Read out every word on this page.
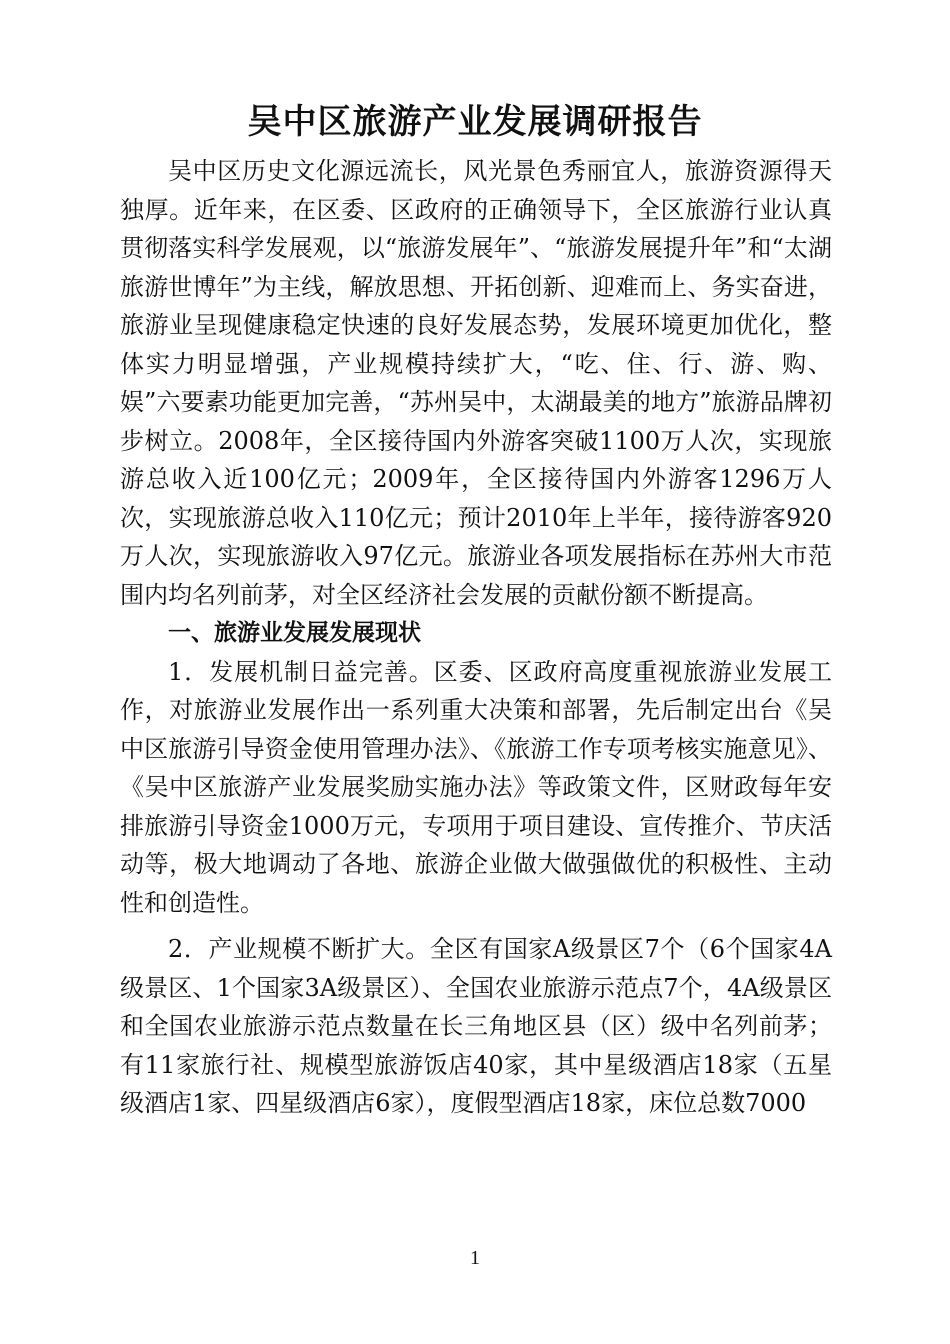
吴中区旅游产业发展调研报告

吴中区历史文化源远流长，风光景色秀丽宜人，旅游资源得天独厚。近年来，在区委、区政府的正确领导下，全区旅游行业认真贯彻落实科学发展观，以“旅游发展年”、“旅游发展提升年”和“太湖旅游世博年”为主线，解放思想、开拓创新、迎难而上、务实奋进，旅游业呈现健康稳定快速的良好发展态势，发展环境更加优化，整体实力明显增强，产业规模持续扩大，“吃、住、行、游、购、娱”六要素功能更加完善，“苏州吴中，太湖最美的地方”旅游品牌初步树立。2008年，全区接待国内外游客突破1100万人次，实现旅游总收入近100亿元；2009年，全区接待国内外游客1296万人次，实现旅游总收入110亿元；预计2010年上半年，接待游客920万人次，实现旅游收入97亿元。旅游业各项发展指标在苏州大市范围内均名列前茅，对全区经济社会发展的贡献份额不断提高。

一、旅游业发展发展现状

1．发展机制日益完善。区委、区政府高度重视旅游业发展工作，对旅游业发展作出一系列重大决策和部署，先后制定出台《吴中区旅游引导资金使用管理办法》、《旅游工作专项考核实施意见》、《吴中区旅游产业发展奖励实施办法》等政策文件，区财政每年安排旅游引导资金1000万元，专项用于项目建设、宣传推介、节庆活动等，极大地调动了各地、旅游企业做大做强做优的积极性、主动性和创造性。

2．产业规模不断扩大。全区有国家A级景区7个（6个国家4A级景区、1个国家3A级景区）、全国农业旅游示范点7个，4A级景区和全国农业旅游示范点数量在长三角地区县（区）级中名列前茅；有11家旅行社、规模型旅游饭店40家，其中星级酒店18家（五星级酒店1家、四星级酒店6家），度假型酒店18家，床位总数7000

1
